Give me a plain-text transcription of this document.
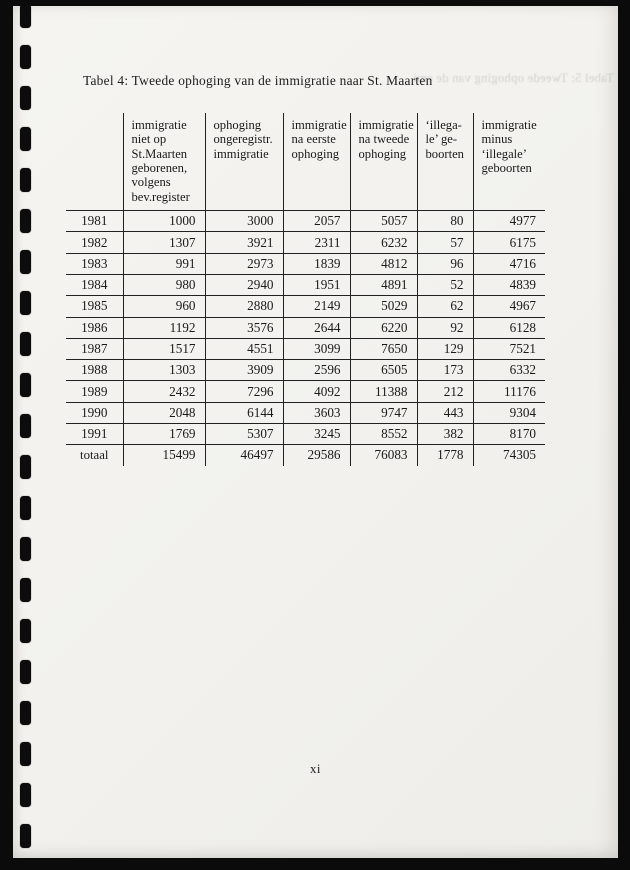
Tabel 5: Tweede ophoging van de emi
Tabel 4: Tweede ophoging van de immigratie naar St. Maarten

immigratie
niet op
St.Maarten
geborenen,
volgens
bev.register

ophoging
ongeregistr.
immigratie

immigratie
na eerste
ophoging

immigratie
na tweede
ophoging

‘illega-
le’ ge-
boorten

immigratie
minus
‘illegale’
geboorten

1981	1000	3000	2057	5057	80	4977
1982	1307	3921	2311	6232	57	6175
1983	991	2973	1839	4812	96	4716
1984	980	2940	1951	4891	52	4839
1985	960	2880	2149	5029	62	4967
1986	1192	3576	2644	6220	92	6128
1987	1517	4551	3099	7650	129	7521
1988	1303	3909	2596	6505	173	6332
1989	2432	7296	4092	11388	212	11176
1990	2048	6144	3603	9747	443	9304
1991	1769	5307	3245	8552	382	8170
totaal	15499	46497	29586	76083	1778	74305
xi
